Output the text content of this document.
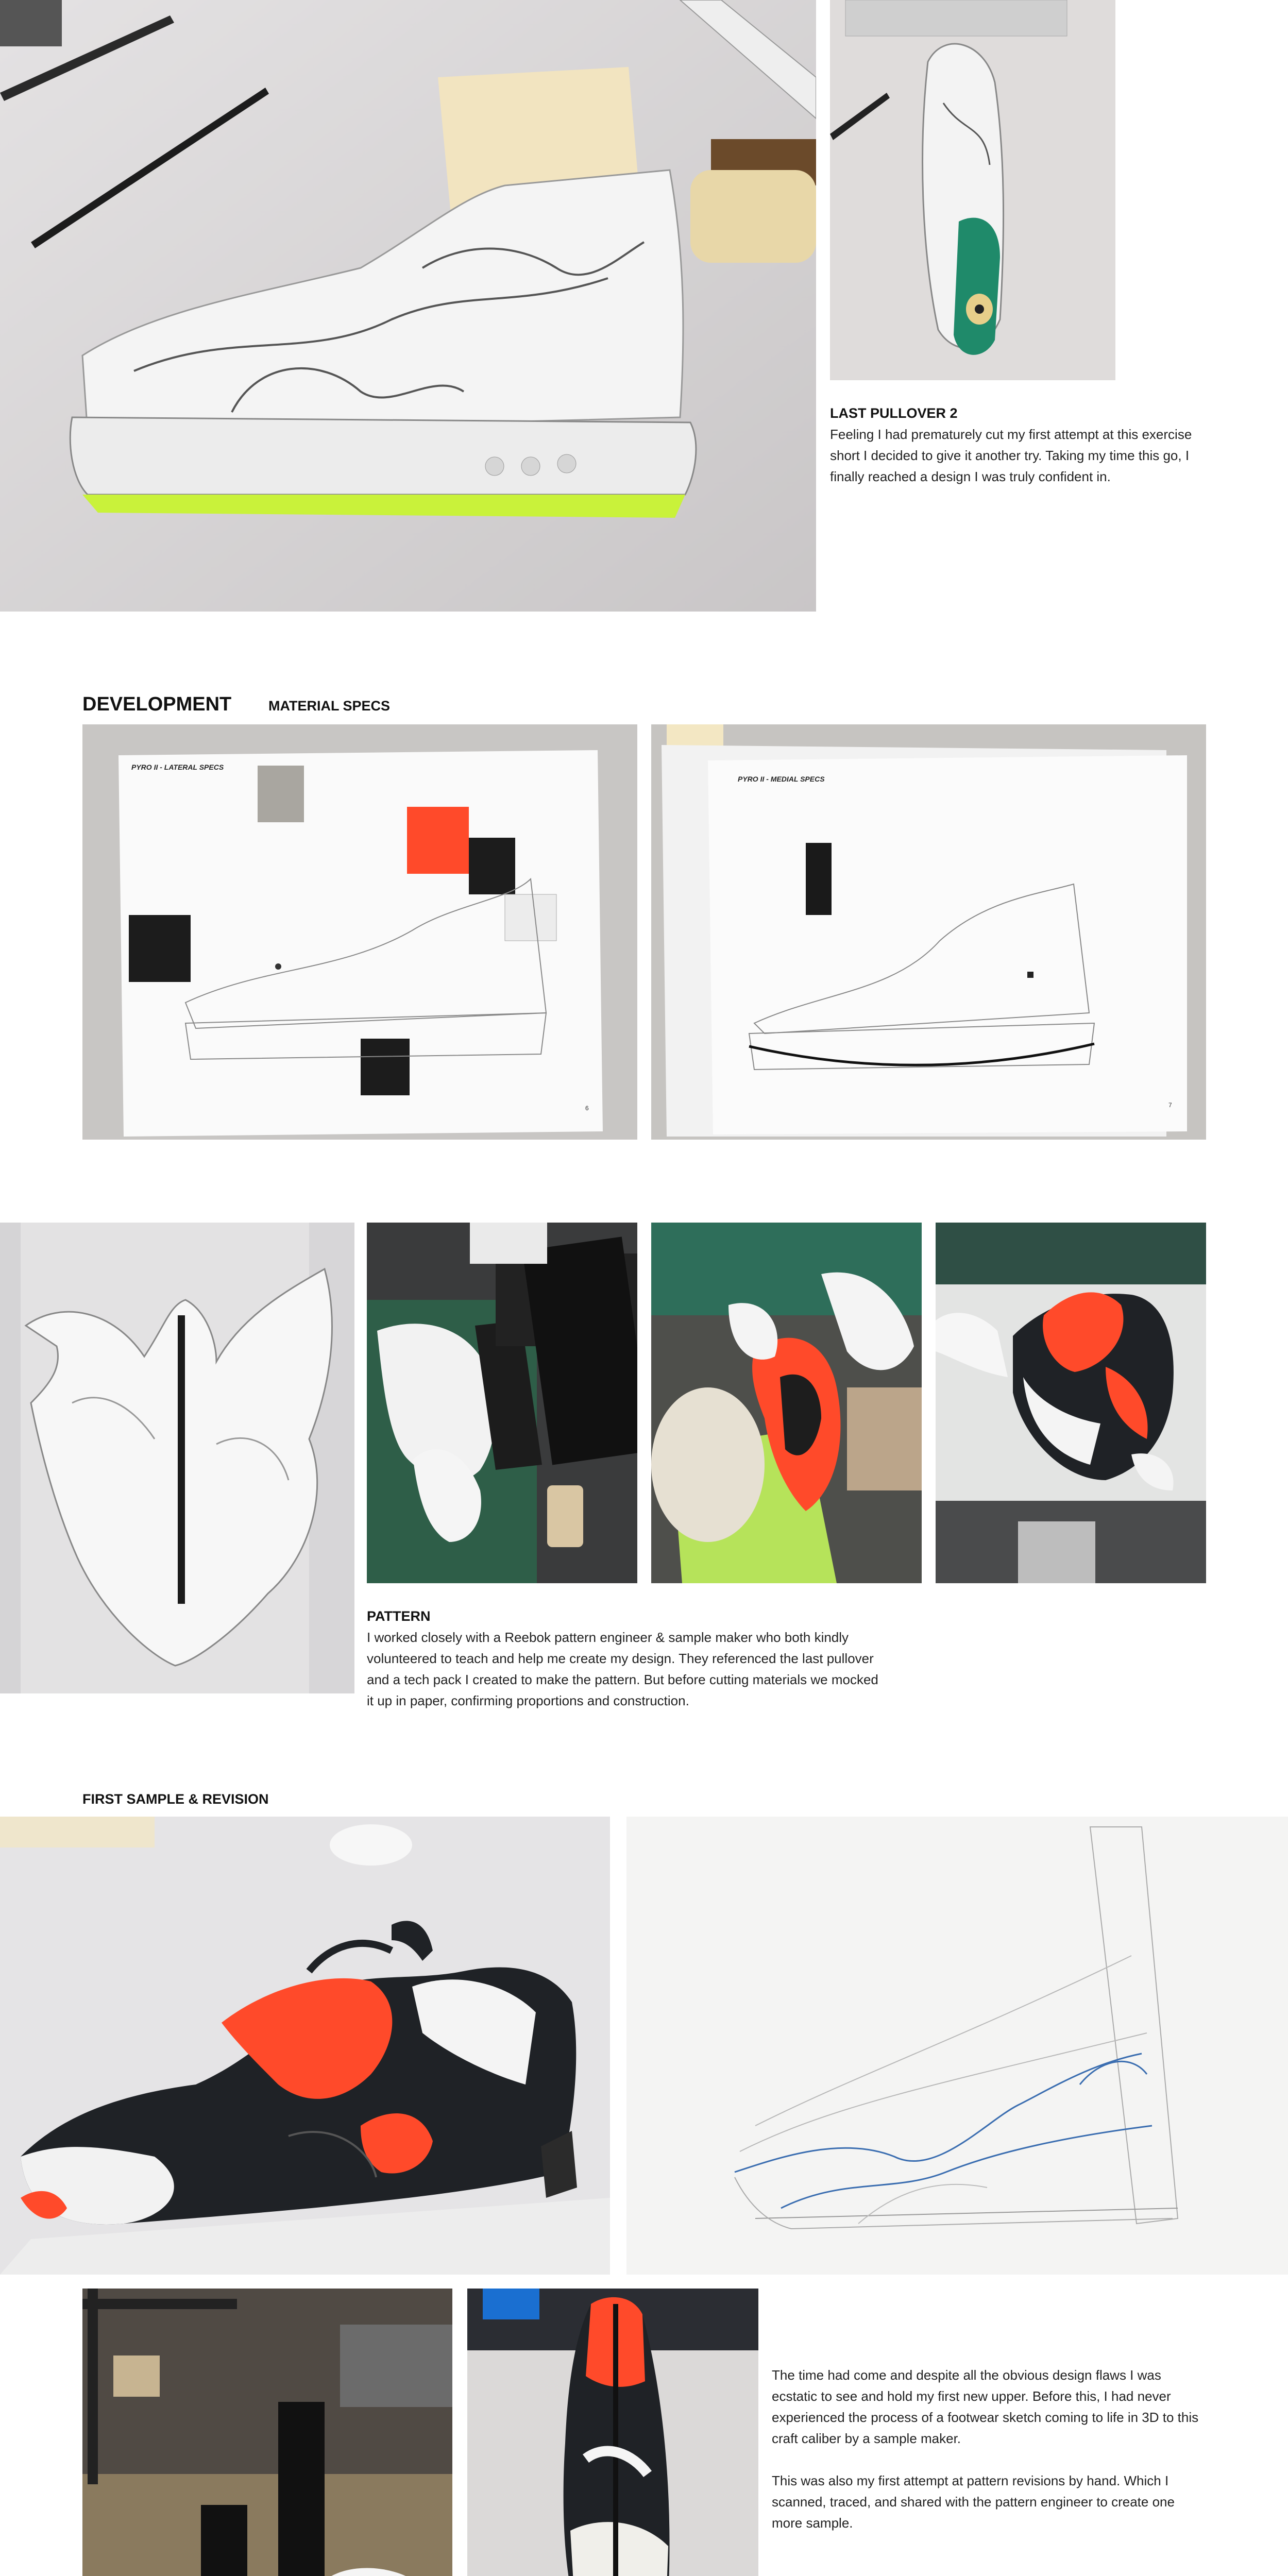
LAST PULLOVER 2
Feeling I had prematurely cut my first attempt at this exercise short I decided to give it another try. Taking my time this go, I finally reached a design I was truly confident in.
DEVELOPMENT	MATERIAL SPECS
PYRO II - LATERAL SPECS
6
PYRO II - MEDIAL SPECS
7
PATTERN
I worked closely with a Reebok pattern engineer & sample maker who both kindly volunteered to teach and help me create my design. They referenced the last pullover and a tech pack I created to make the pattern. But before cutting materials we mocked it up in paper, confirming proportions and construction.
FIRST SAMPLE & REVISION

The time had come and despite all the obvious design flaws I was ecstatic to see and hold my first new upper. Before this, I had never experienced the process of a footwear sketch coming to life in 3D to this craft caliber by a sample maker.

This was also my first attempt at pattern revisions by hand. Which I scanned, traced, and shared with the pattern engineer to create one more sample.
